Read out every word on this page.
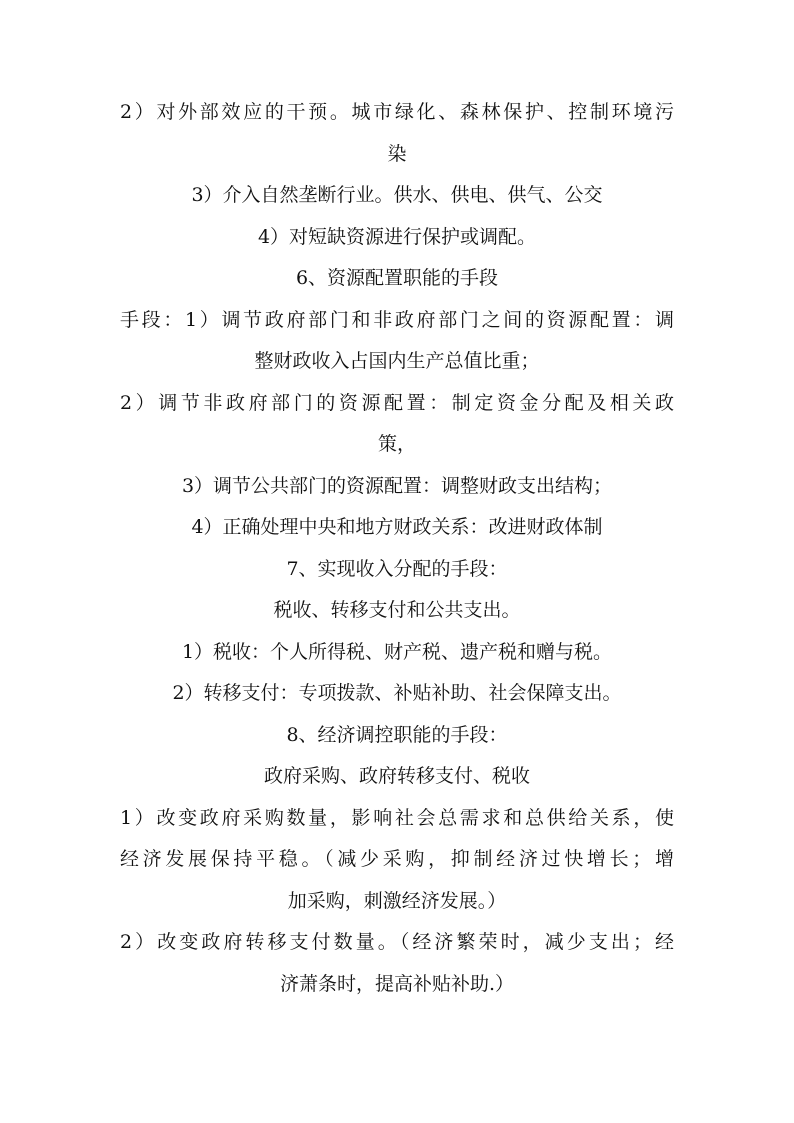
2）对外部效应的干预。城市绿化、森林保护、控制环境污
染
3）介入自然垄断行业。供水、供电、供气、公交
4）对短缺资源进行保护或调配。
6、资源配置职能的手段
手段：1）调节政府部门和非政府部门之间的资源配置：调
整财政收入占国内生产总值比重；
2）调节非政府部门的资源配置：制定资金分配及相关政
策，
3）调节公共部门的资源配置：调整财政支出结构；
4）正确处理中央和地方财政关系：改进财政体制
7、实现收入分配的手段：
税收、转移支付和公共支出。
1）税收：个人所得税、财产税、遗产税和赠与税。
2）转移支付：专项拨款、补贴补助、社会保障支出。
8、经济调控职能的手段：
政府采购、政府转移支付、税收
1）改变政府采购数量，影响社会总需求和总供给关系，使
经济发展保持平稳。（减少采购，抑制经济过快增长；增
加采购，刺激经济发展。）
2）改变政府转移支付数量。（经济繁荣时，减少支出；经
济萧条时，提高补贴补助.）
